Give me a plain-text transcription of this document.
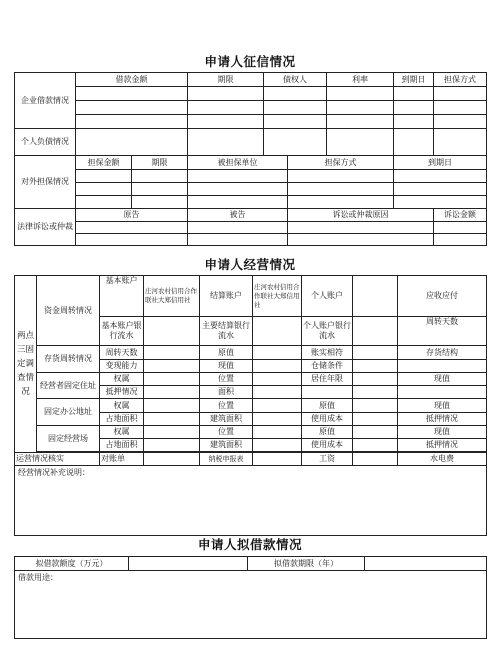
申请人征信情况
企业借款情况	借款金额		期限	债权人		利率	到期日	担保方式	

个人负债情况									
对外担保情况	担保金额	期限	被担保单位		担保方式		到期日	

法律诉讼或仲裁	原告		被告		诉讼或仲裁原因			诉讼金额	

申请人经营情况
两点三固定调查情况	资金周转情况	基本账户	庄河农村信用合作联社大郑信用社	结算账户	庄河农村信用合作联社大郑信用社	个人账户		应收应付
		基本账户银行流水		主要结算银行流水		个人账户银行流水		周转天数
	存货周转情况	周转天数		原值		账实相符		存货结构
		变现能力		现值		仓储条件		
	经营者固定住址	权属		位置		居住年限		现值
		抵押情况		面积				
	固定办公地址	权属		位置		原值		现值
		占地面积		建筑面积		使用成本		抵押情况
	固定经营场	权属		位置		原值		现值
		占地面积		建筑面积		使用成本		抵押情况

运营情况核实		对账单		纳税申报表		工资		水电费
经营情况补充说明：								
申请人拟借款情况
拟借款额度（万元）		拟借款期限（年）	
借款用途：
